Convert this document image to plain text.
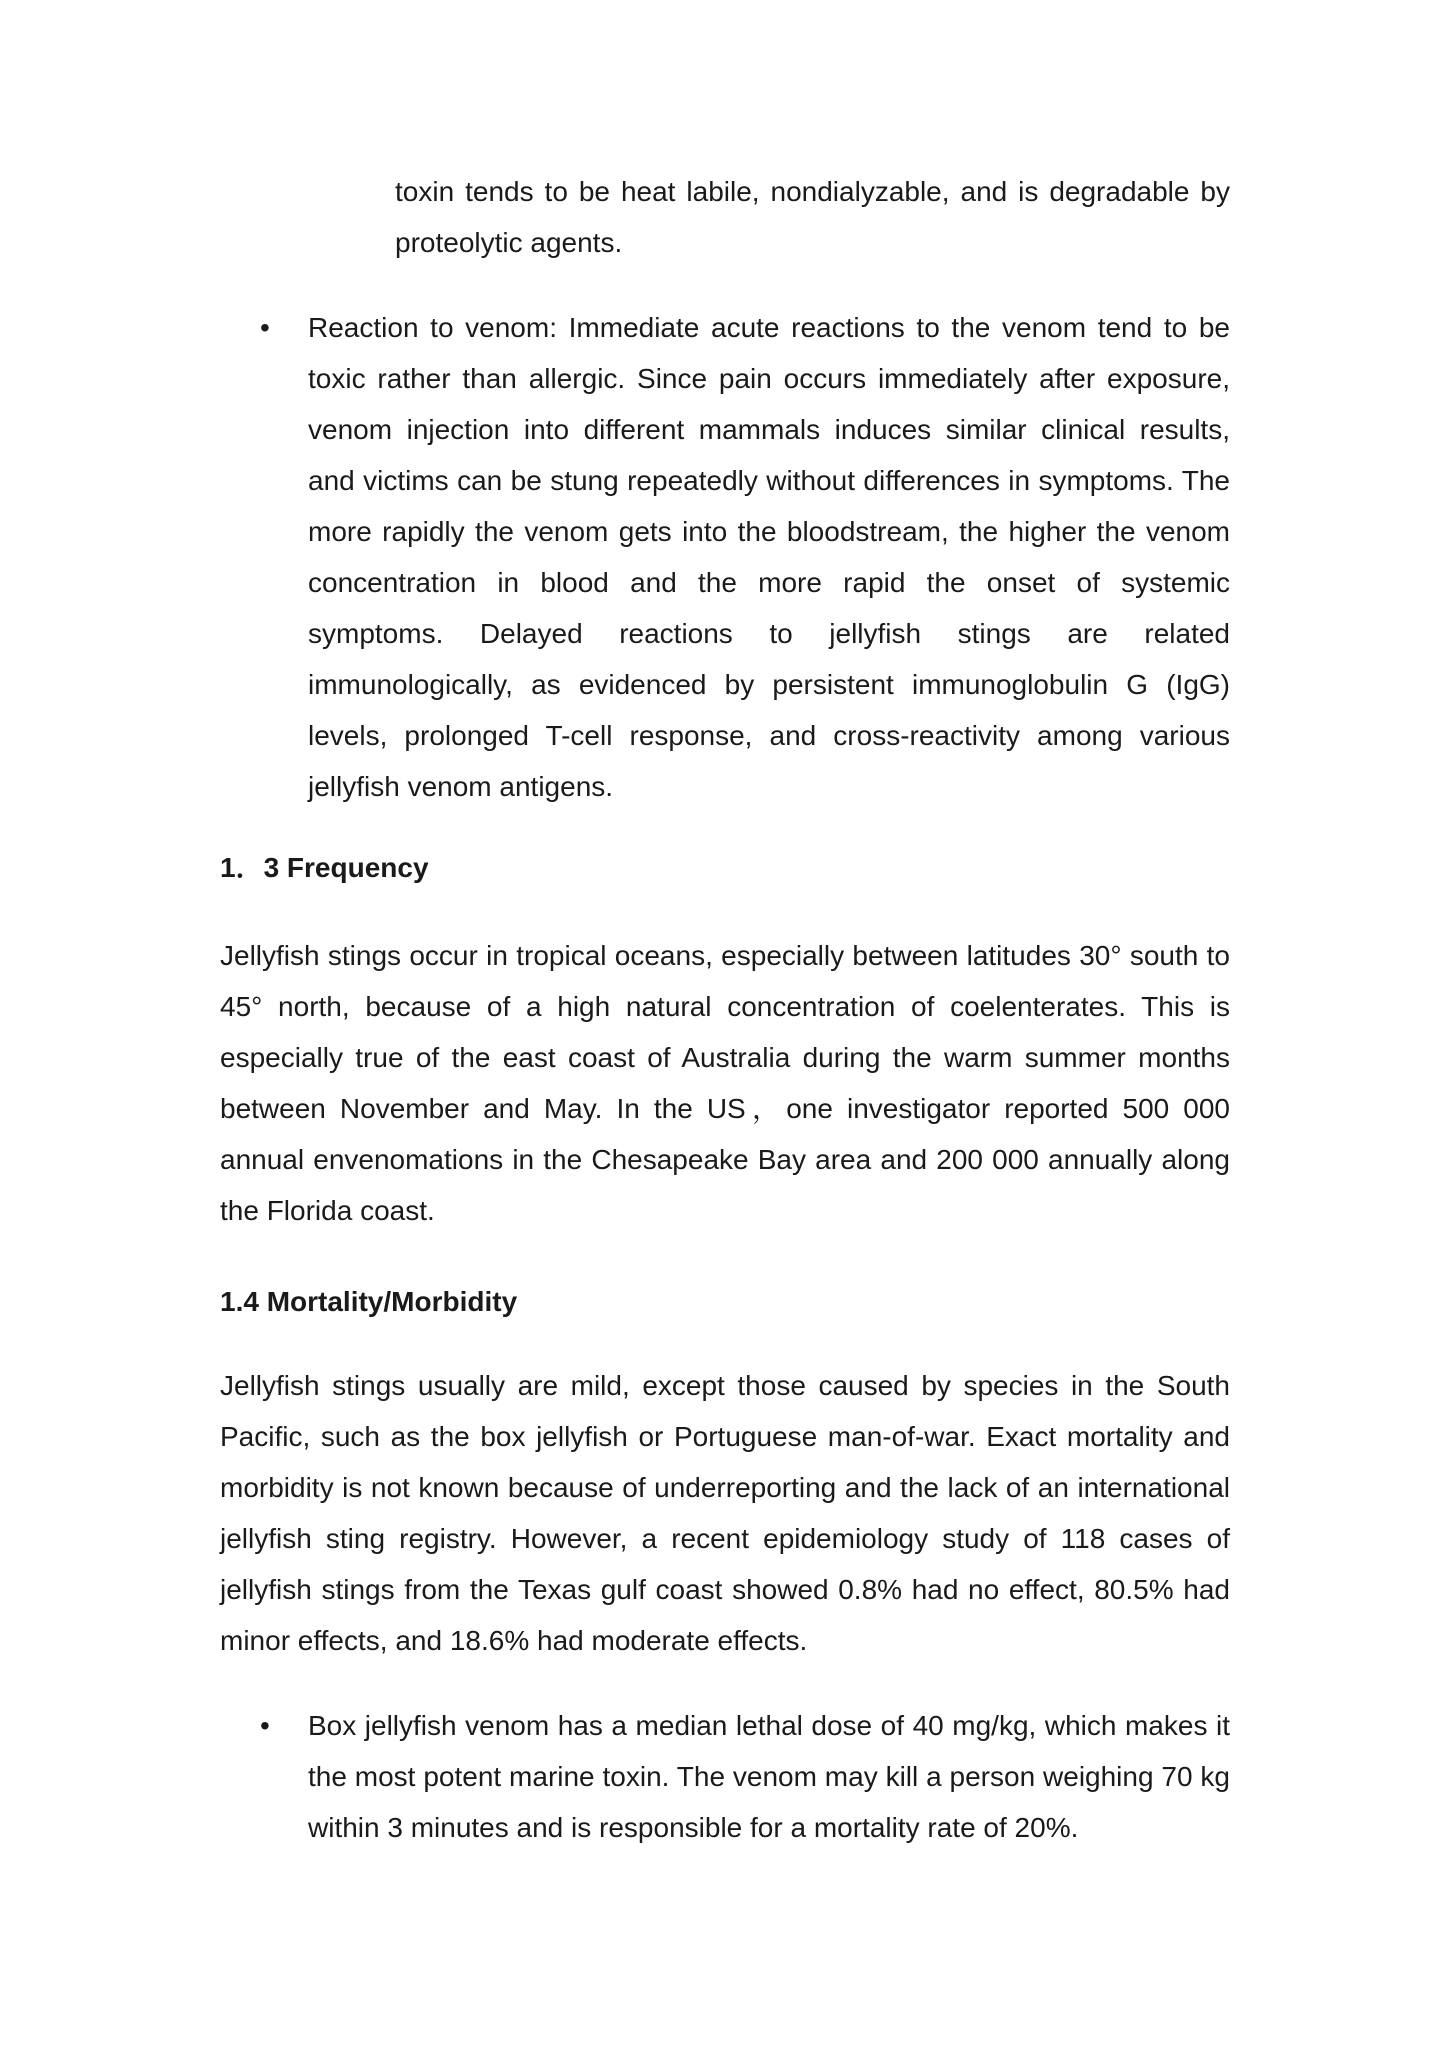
toxin tends to be heat labile, nondialyzable, and is degradable by proteolytic agents.

• Reaction to venom: Immediate acute reactions to the venom tend to be toxic rather than allergic. Since pain occurs immediately after exposure, venom injection into different mammals induces similar clinical results, and victims can be stung repeatedly without differences in symptoms. The more rapidly the venom gets into the bloodstream, the higher the venom concentration in blood and the more rapid the onset of systemic symptoms. Delayed reactions to jellyfish stings are related immunologically, as evidenced by persistent immunoglobulin G (IgG) levels, prolonged T-cell response, and cross-reactivity among various jellyfish venom antigens.

1．3 Frequency

Jellyfish stings occur in tropical oceans, especially between latitudes 30° south to 45° north, because of a high natural concentration of coelenterates. This is especially true of the east coast of Australia during the warm summer months between November and May. In the US，one investigator reported 500 000 annual envenomations in the Chesapeake Bay area and 200 000 annually along the Florida coast.

1.4 Mortality/Morbidity

Jellyfish stings usually are mild, except those caused by species in the South Pacific, such as the box jellyfish or Portuguese man-of-war. Exact mortality and morbidity is not known because of underreporting and the lack of an international jellyfish sting registry. However, a recent epidemiology study of 118 cases of jellyfish stings from the Texas gulf coast showed 0.8% had no effect, 80.5% had minor effects, and 18.6% had moderate effects.

• Box jellyfish venom has a median lethal dose of 40 mg/kg, which makes it the most potent marine toxin. The venom may kill a person weighing 70 kg within 3 minutes and is responsible for a mortality rate of 20%.
